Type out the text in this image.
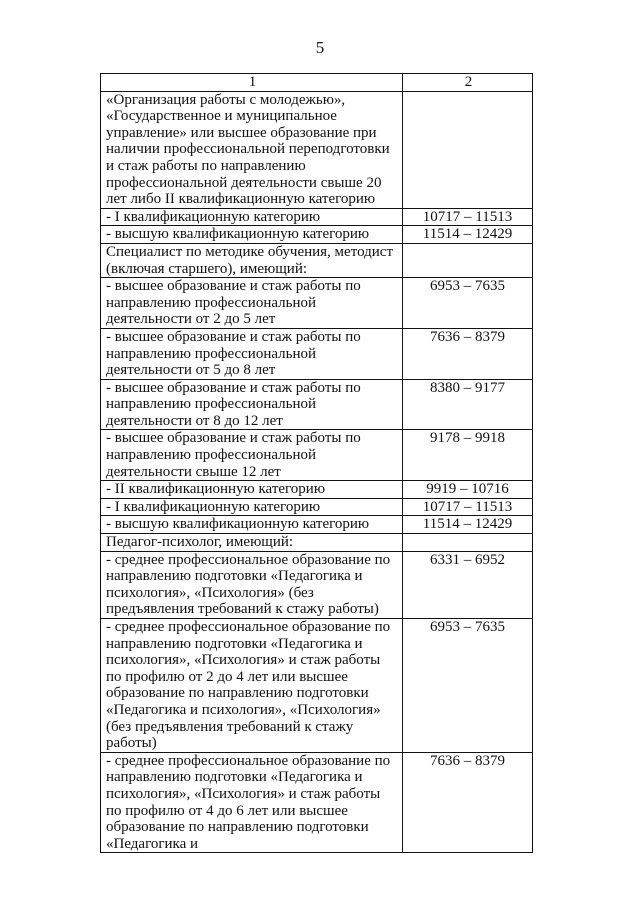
5
1	2
«Организация работы с молодежью», «Государственное и муниципальное управление» или высшее образование при наличии профессиональной переподготовки и стаж работы по направлению профессиональной деятельности свыше 20 лет либо II квалификационную категорию	
- I квалификационную категорию	10717 – 11513
- высшую квалификационную категорию	11514 – 12429
Специалист по методике обучения, методист (включая старшего), имеющий:	
- высшее образование и стаж работы по направлению профессиональной деятельности от 2 до 5 лет	6953 – 7635
- высшее образование и стаж работы по направлению профессиональной деятельности от 5 до 8 лет	7636 – 8379
- высшее образование и стаж работы по направлению профессиональной деятельности от 8 до 12 лет	8380 – 9177
- высшее образование и стаж работы по направлению профессиональной деятельности свыше 12 лет	9178 – 9918
- II квалификационную категорию	9919 – 10716
- I квалификационную категорию	10717 – 11513
- высшую квалификационную категорию	11514 – 12429
Педагог-психолог, имеющий:	
- среднее профессиональное образование по направлению подготовки «Педагогика и психология», «Психология» (без предъявления требований к стажу работы)	6331 – 6952
- среднее профессиональное образование по направлению подготовки «Педагогика и психология», «Психология» и стаж работы по профилю от 2 до 4 лет или высшее образование по направлению подготовки «Педагогика и психология», «Психология» (без предъявления требований к стажу работы)	6953 – 7635
- среднее профессиональное образование по направлению подготовки «Педагогика и психология», «Психология» и стаж работы по профилю от 4 до 6 лет или высшее образование по направлению подготовки «Педагогика и	7636 – 8379
